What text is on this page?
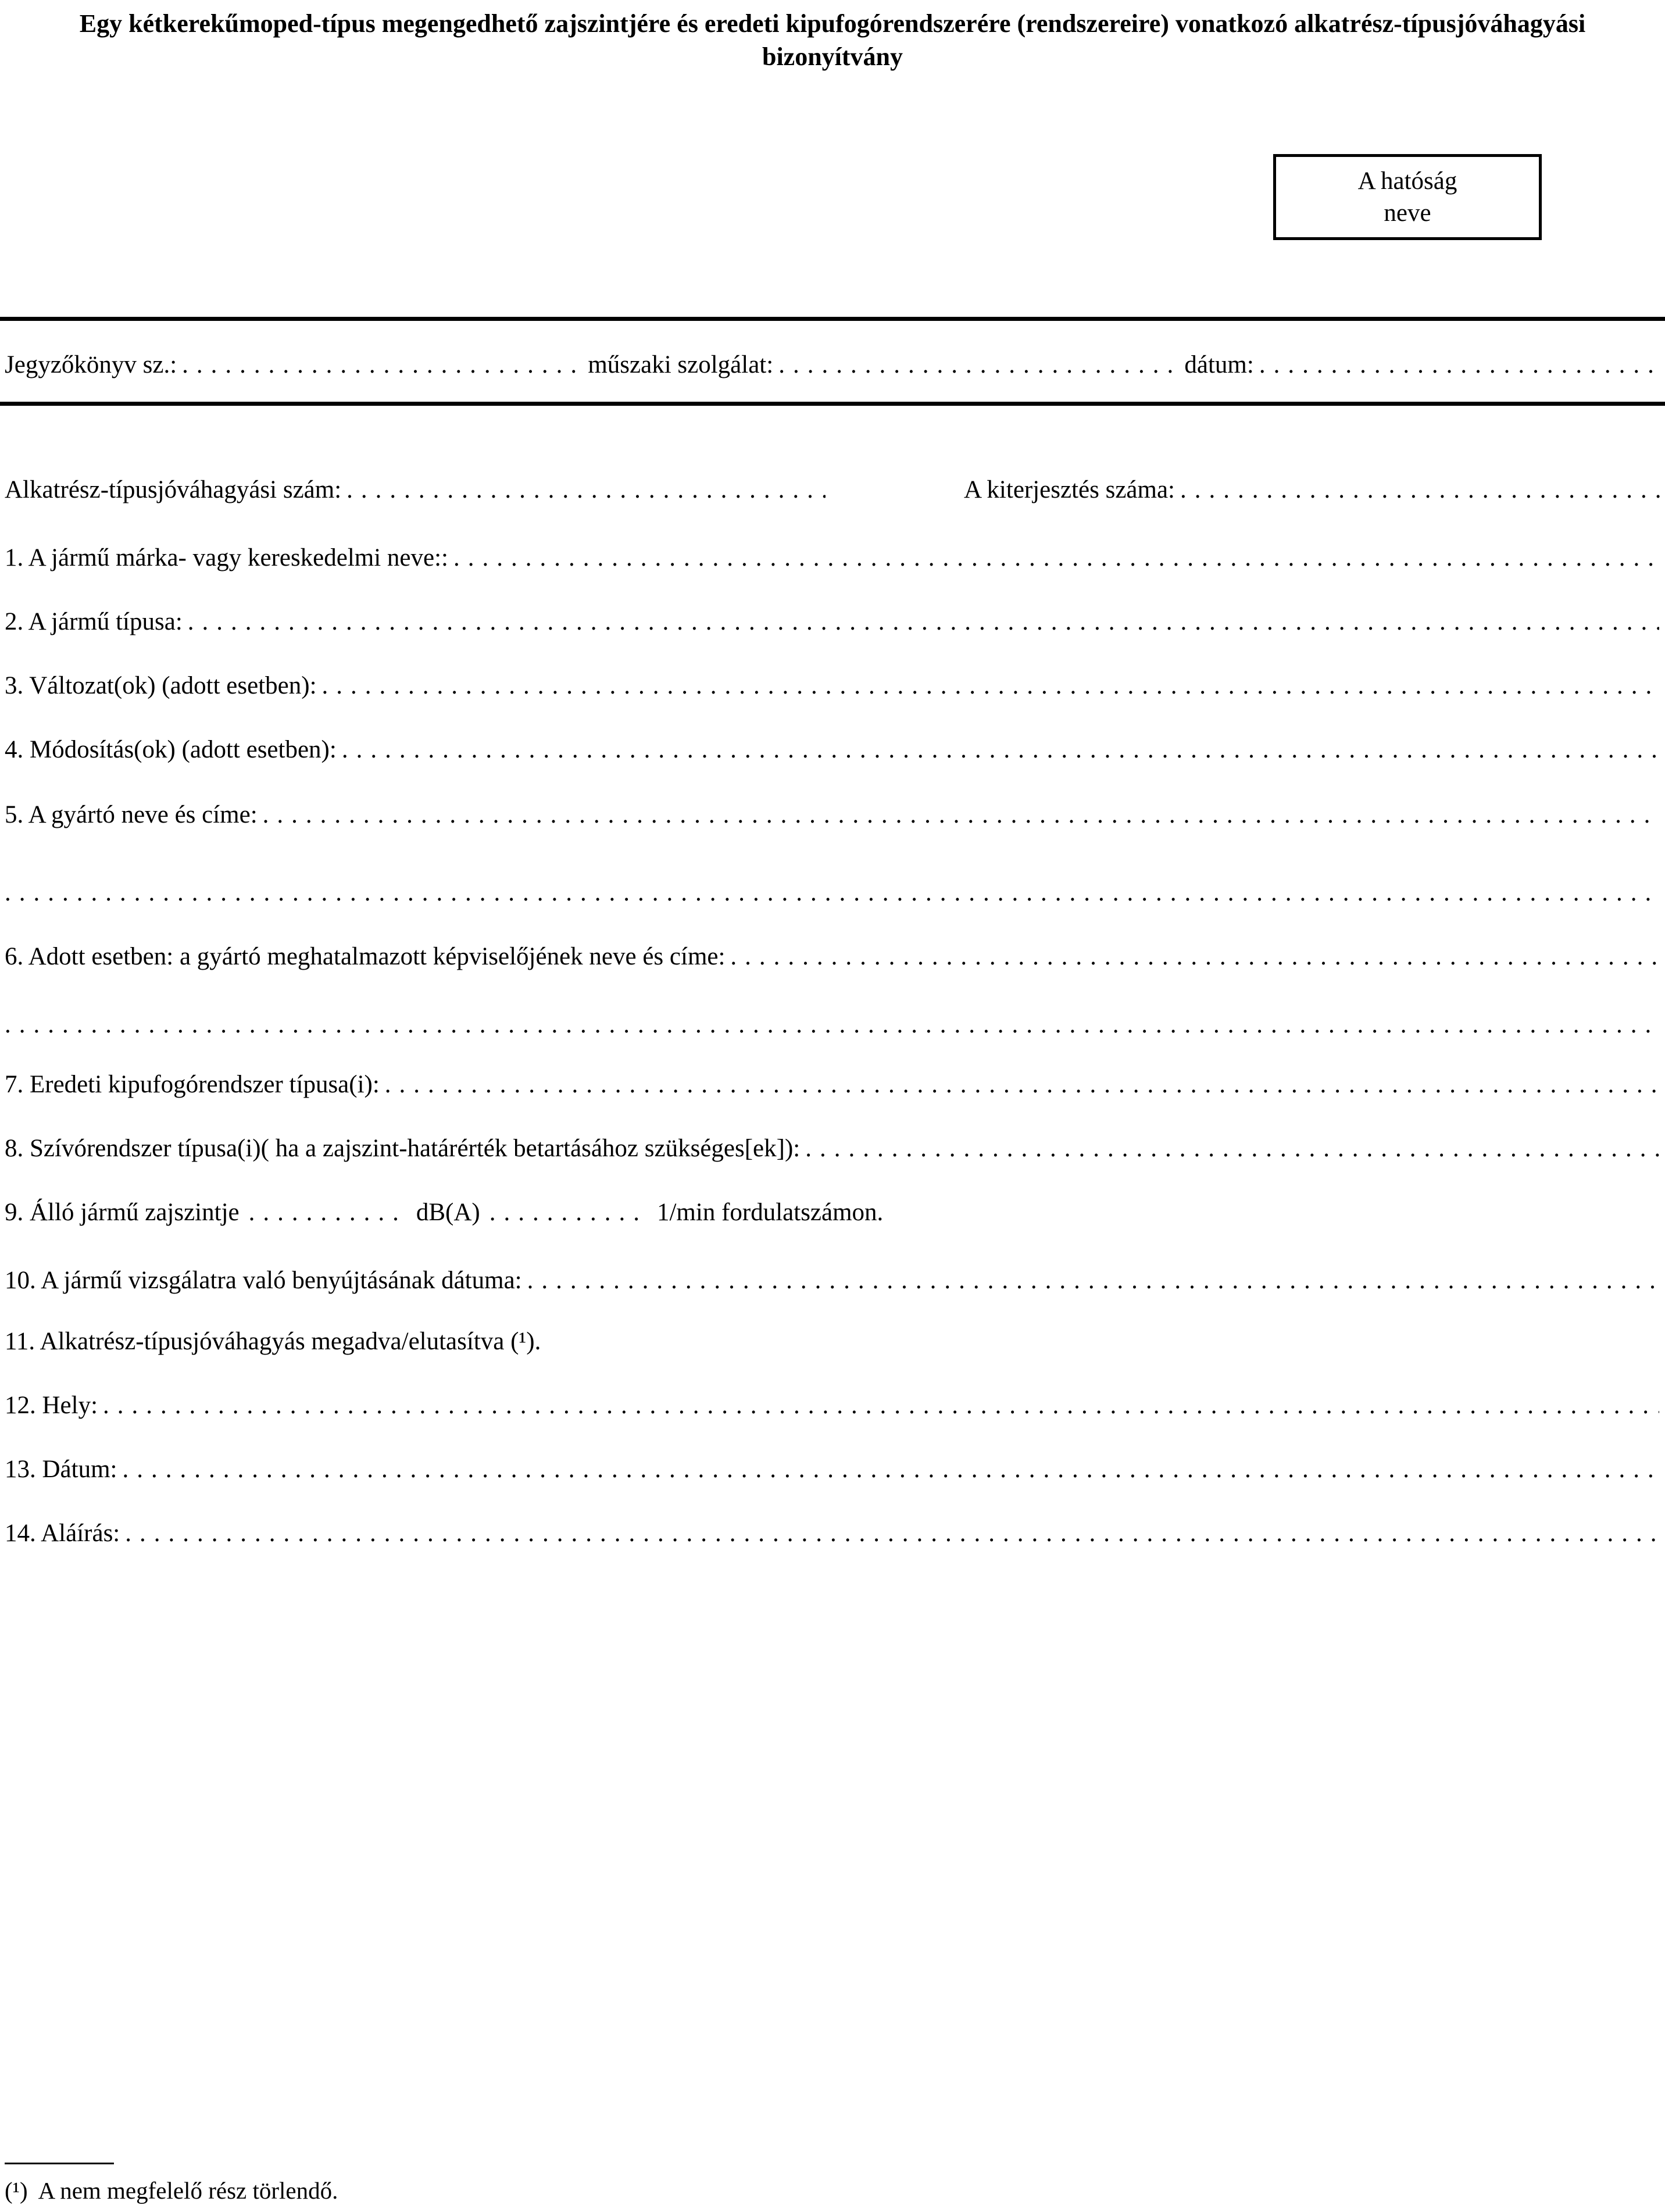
Egy kétkerekűmoped-típus megengedhető zajszintjére és eredeti kipufogórendszerére (rendszereire) vonatkozó alkatrész-típusjóváhagyási bizonyítvány
A hatóság
neve
Jegyzőkönyv sz.: .....	műszaki szolgálat: .....	dátum:
.....
Alkatrész-típusjóváhagyási szám: .....	A kiterjesztés száma:
.....
1. A jármű márka- vagy kereskedelmi neve::
.....
2. A jármű típusa:
.....
3. Változat(ok) (adott esetben):
.....
4. Módosítás(ok) (adott esetben):
.....
5. A gyártó neve és címe:
.....
.....
6. Adott esetben: a gyártó meghatalmazott képviselőjének neve és címe:
.....
.....
7. Eredeti kipufogórendszer típusa(i):
.....
8. Szívórendszer típusa(i)( ha a zajszint-határérték betartásához szükséges[ek]):
.....
9. Álló jármű zajszintje .....	dB(A) .....	1/min fordulatszámon.
10. A jármű vizsgálatra való benyújtásának dátuma:
.....
11. Alkatrész-típusjóváhagyás megadva/elutasítva (¹).
12. Hely:
.....
13. Dátum:
.....
14. Aláírás:
.....
(¹) A nem megfelelő rész törlendő.
